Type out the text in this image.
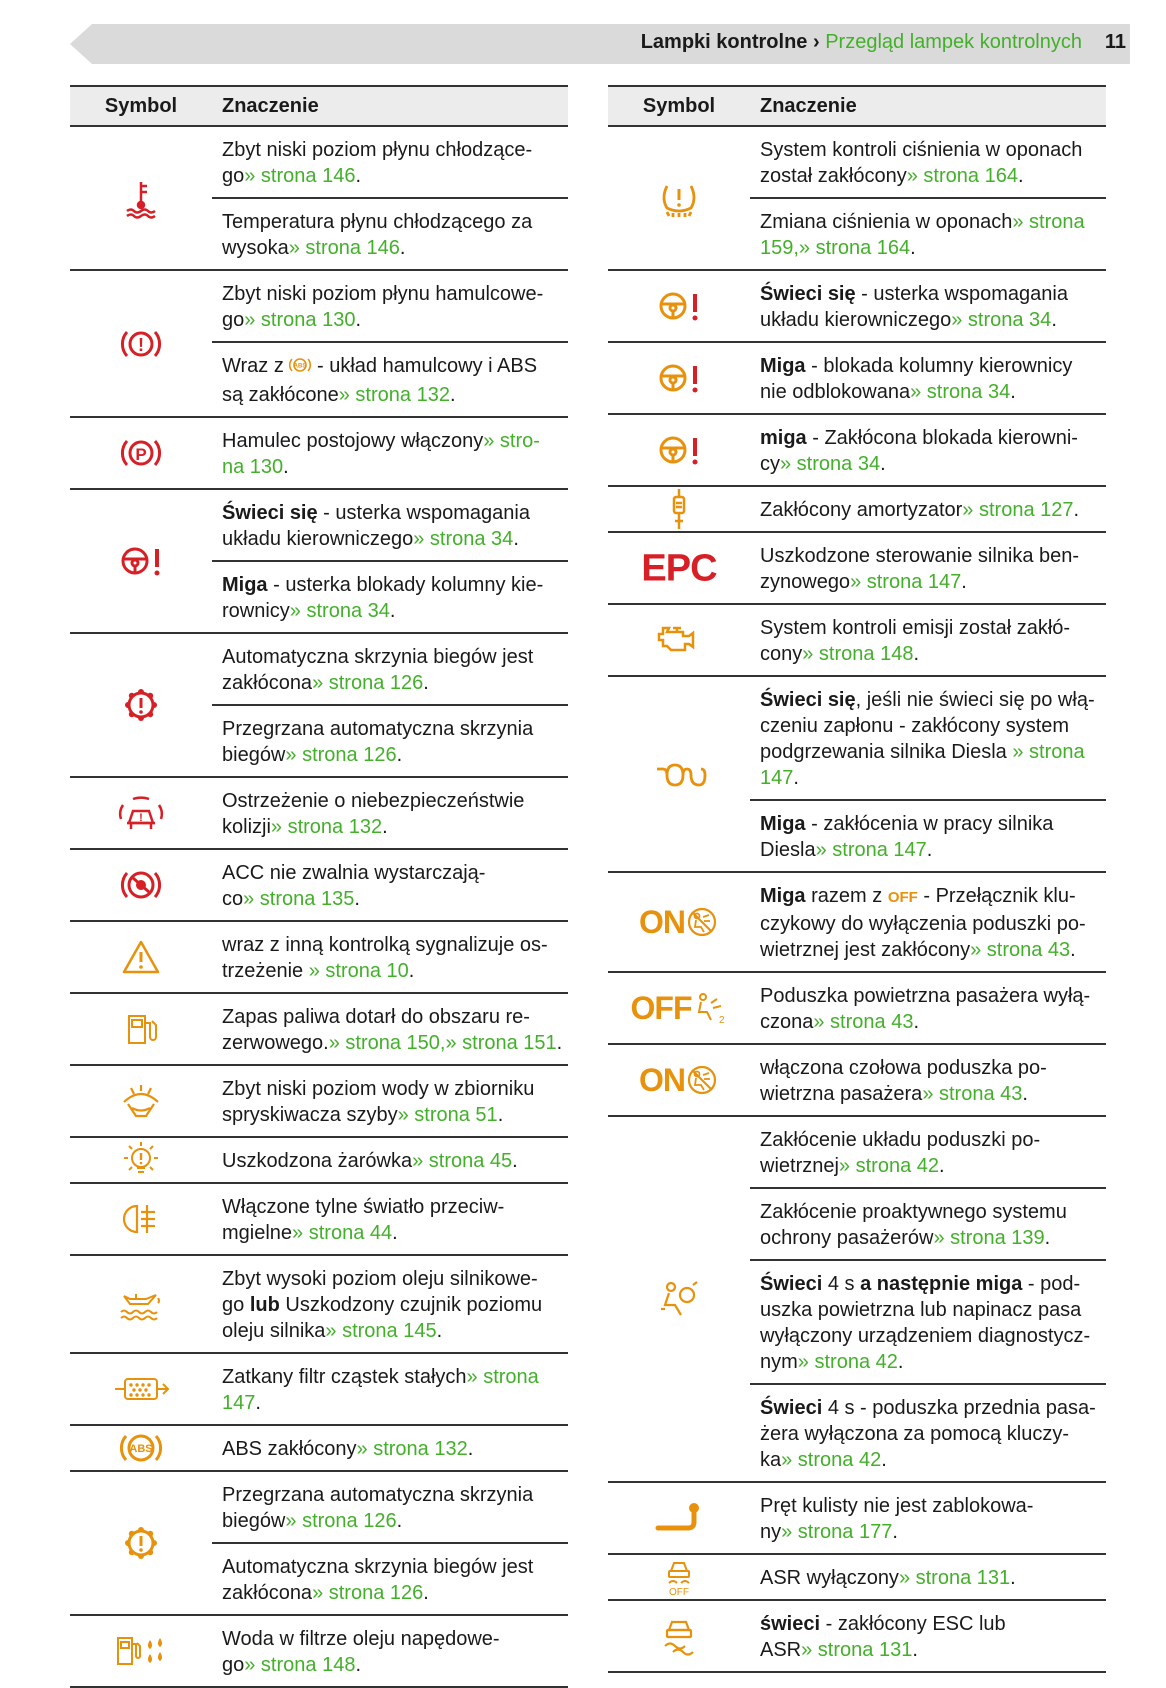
Lampki kontrolne › Przegląd lampek kontrolnych 11
Symbol	Znaczenie
	Zbyt niski poziom płynu chłodzące-
go» strona 146.
	Temperatura płynu chłodzącego za
wysoka» strona 146.

!	Zbyt niski poziom płynu hamulcowe-
go» strona 130.
	Wraz z ABS - układ hamulcowy i ABS
są zakłócone» strona 132.

P	Hamulec postojowy włączony» stro-
na 130.
	Świeci się - usterka wspomagania
układu kierowniczego» strona 34.
	Miga - usterka blokady kolumny kie-
rownicy» strona 34.
	Automatyczna skrzynia biegów jest
zakłócona» strona 126.
	Przegrzana automatyczna skrzynia
biegów» strona 126.

!	Ostrzeżenie o niebezpieczeństwie
kolizji» strona 132.
	ACC nie zwalnia wystarczają-
co» strona 135.
	wraz z inną kontrolką sygnalizuje os-
trzeżenie » strona 10.
	Zapas paliwa dotarł do obszaru re-
zerwowego.» strona 150,» strona 151.
	Zbyt niski poziom wody w zbiorniku
spryskiwacza szyby» strona 51.
	Uszkodzona żarówka» strona 45.
	Włączone tylne światło przeciw-
mgielne» strona 44.
	Zbyt wysoki poziom oleju silnikowe-
go lub Uszkodzony czujnik poziomu
oleju silnika» strona 145.
	Zatkany filtr cząstek stałych» strona
147.

ABS	ABS zakłócony» strona 132.
	Przegrzana automatyczna skrzynia
biegów» strona 126.
	Automatyczna skrzynia biegów jest
zakłócona» strona 126.
	Woda w filtrze oleju napędowe-
go» strona 148.
Symbol	Znaczenie
	System kontroli ciśnienia w oponach
został zakłócony» strona 164.
	Zmiana ciśnienia w oponach» strona
159,» strona 164.
	Świeci się - usterka wspomagania
układu kierowniczego» strona 34.
	Miga - blokada kolumny kierownicy
nie odblokowana» strona 34.
	miga - Zakłócona blokada kierowni-
cy» strona 34.
	Zakłócony amortyzator» strona 127.
EPC	Uszkodzone sterowanie silnika ben-
zynowego» strona 147.
	System kontroli emisji został zakłó-
cony» strona 148.
	Świeci się, jeśli nie świeci się po włą-
czeniu zapłonu - zakłócony system
podgrzewania silnika Diesla » strona
147.
	Miga - zakłócenia w pracy silnika
Diesla» strona 147.
ON	Miga razem z OFF - Przełącznik klu-
czykowy do wyłączenia poduszki po-
wietrznej jest zakłócony» strona 43.
OFF 2	Poduszka powietrzna pasażera wyłą-
czona» strona 43.
ON	włączona czołowa poduszka po-
wietrzna pasażera» strona 43.
	Zakłócenie układu poduszki po-
wietrznej» strona 42.
	Zakłócenie proaktywnego systemu
ochrony pasażerów» strona 139.
	Świeci 4 s a następnie miga - pod-
uszka powietrzna lub napinacz pasa
wyłączony urządzeniem diagnostycz-
nym» strona 42.
	Świeci 4 s - poduszka przednia pasa-
żera wyłączona za pomocą kluczy-
ka» strona 42.
	Pręt kulisty nie jest zablokowa-
ny» strona 177.

OFF	ASR wyłączony» strona 131.
	świeci - zakłócony ESC lub
ASR» strona 131.
